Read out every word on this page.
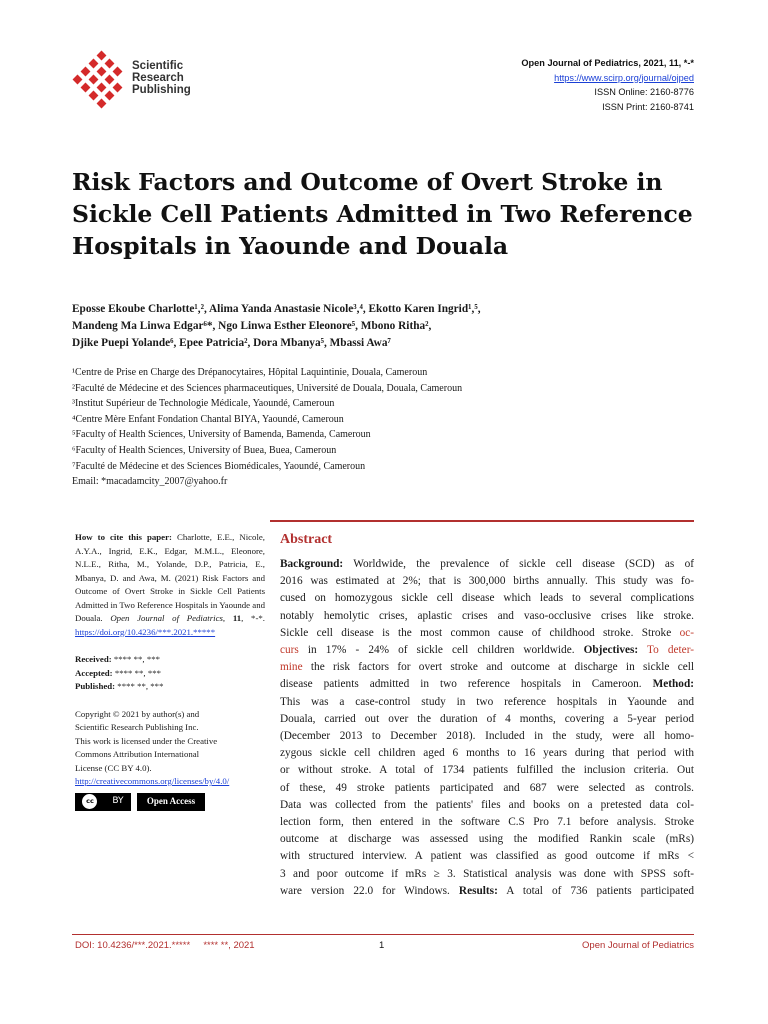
Scientific
Research
Publishing
Open Journal of Pediatrics, 2021, 11, *-*
https://www.scirp.org/journal/ojped
ISSN Online: 2160-8776
ISSN Print: 2160-8741
Risk Factors and Outcome of Overt Stroke in
Sickle Cell Patients Admitted in Two Reference
Hospitals in Yaounde and Douala
Eposse Ekoube Charlotte¹,², Alima Yanda Anastasie Nicole³,⁴, Ekotto Karen Ingrid¹,⁵,
Mandeng Ma Linwa Edgar⁶*, Ngo Linwa Esther Eleonore⁵, Mbono Ritha²,
Djike Puepi Yolande⁶, Epee Patricia², Dora Mbanya⁵, Mbassi Awa⁷
¹Centre de Prise en Charge des Drépanocytaires, Hôpital Laquintinie, Douala, Cameroun
²Faculté de Médecine et des Sciences pharmaceutiques, Université de Douala, Douala, Cameroun
³Institut Supérieur de Technologie Médicale, Yaoundé, Cameroun
⁴Centre Mère Enfant Fondation Chantal BIYA, Yaoundé, Cameroun
⁵Faculty of Health Sciences, University of Bamenda, Bamenda, Cameroun
⁶Faculty of Health Sciences, University of Buea, Buea, Cameroun
⁷Faculté de Médecine et des Sciences Biomédicales, Yaoundé, Cameroun
Email: *macadamcity_2007@yahoo.fr
How to cite this paper: Charlotte, E.E., Nicole, A.Y.A., Ingrid, E.K., Edgar, M.M.L., Eleonore, N.L.E., Ritha, M., Yolande, D.P., Patricia, E., Mbanya, D. and Awa, M. (2021) Risk Factors and Outcome of Overt Stroke in Sickle Cell Patients Admitted in Two Reference Hospitals in Yaounde and Douala. Open Journal of Pediatrics, 11, *-*. https://doi.org/10.4236/***.2021.*****
Received: **** **, ***
Accepted: **** **, ***
Published: **** **, ***
Copyright © 2021 by author(s) and
Scientific Research Publishing Inc.
This work is licensed under the Creative
Commons Attribution International
License (CC BY 4.0).
http://creativecommons.org/licenses/by/4.0/
cc	BY	Open Access
Abstract
Background: Worldwide, the prevalence of sickle cell disease (SCD) as of
2016 was estimated at 2%; that is 300,000 births annually. This study was fo-
cused on homozygous sickle cell disease which leads to several complications
notably hemolytic crises, aplastic crises and vaso-occlusive crises like stroke.
Sickle cell disease is the most common cause of childhood stroke. Stroke oc-
curs in 17% - 24% of sickle cell children worldwide. Objectives: To deter-
mine the risk factors for overt stroke and outcome at discharge in sickle cell
disease patients admitted in two reference hospitals in Cameroon. Method:
This was a case-control study in two reference hospitals in Yaounde and
Douala, carried out over the duration of 4 months, covering a 5-year period
(December 2013 to December 2018). Included in the study, were all homo-
zygous sickle cell children aged 6 months to 16 years during that period with
or without stroke. A total of 1734 patients fulfilled the inclusion criteria. Out
of these, 49 stroke patients participated and 687 were selected as controls.
Data was collected from the patients' files and books on a pretested data col-
lection form, then entered in the software C.S Pro 7.1 before analysis. Stroke
outcome at discharge was assessed using the modified Rankin scale (mRs)
with structured interview. A patient was classified as good outcome if mRs <
3 and poor outcome if mRs ≥ 3. Statistical analysis was done with SPSS soft-
ware version 22.0 for Windows. Results: A total of 736 patients participated
DOI: 10.4236/***.2021.***** **** **, 2021	1	Open Journal of Pediatrics
